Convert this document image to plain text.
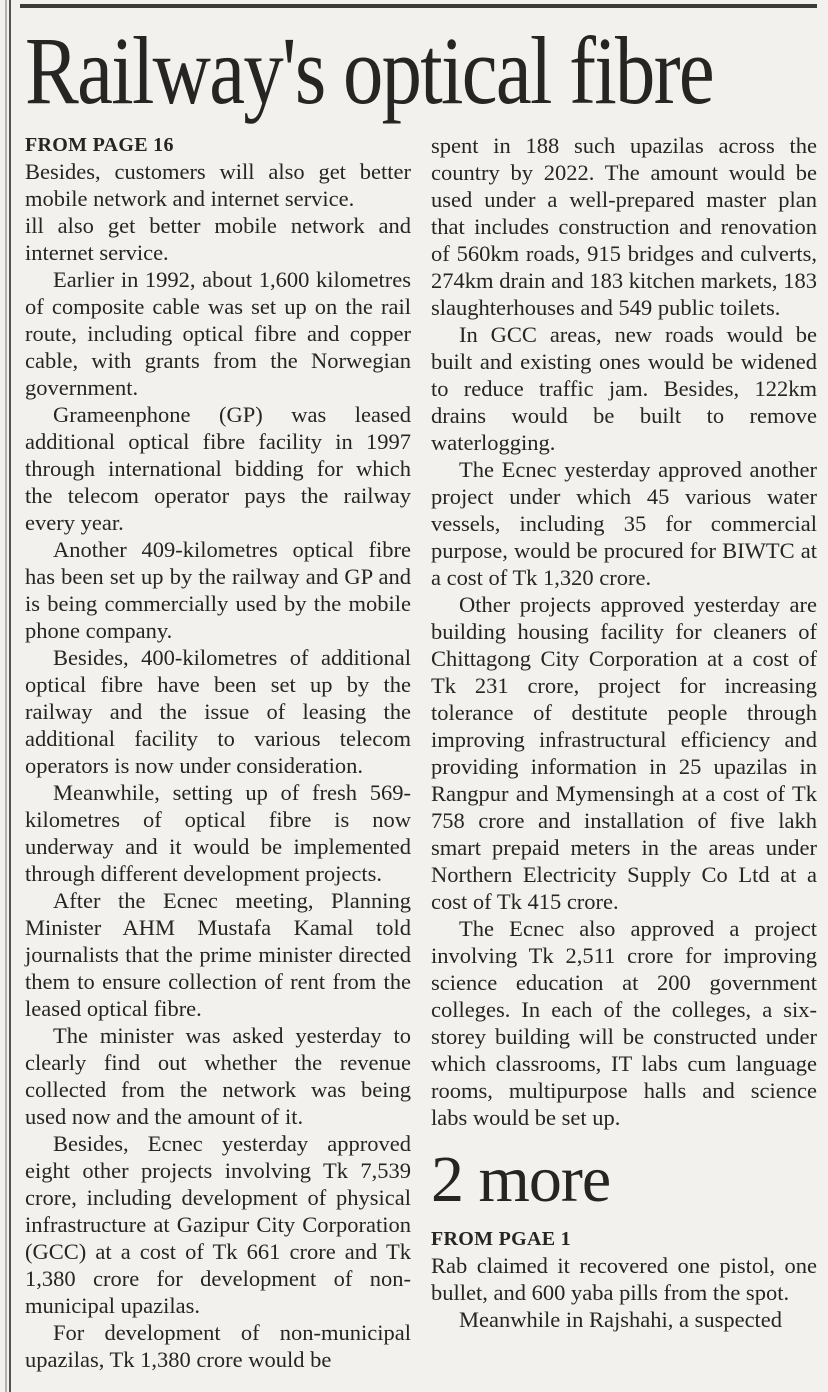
Railway's optical fibre
FROM PAGE 16

Besides, customers will also get better mobile network and internet service.

ill also get better mobile network and internet service.

Earlier in 1992, about 1,600 kilometres of composite cable was set up on the rail route, including optical fibre and copper cable, with grants from the Norwegian government.

Grameenphone (GP) was leased additional optical fibre facility in 1997 through international bidding for which the telecom operator pays the railway every year.

Another 409-kilometres optical fibre has been set up by the railway and GP and is being commercially used by the mobile phone company.

Besides, 400-kilometres of additional optical fibre have been set up by the railway and the issue of leasing the additional facility to various telecom operators is now under consideration.

Meanwhile, setting up of fresh 569-kilometres of optical fibre is now underway and it would be implemented through different development projects.

After the Ecnec meeting, Planning Minister AHM Mustafa Kamal told journalists that the prime minister directed them to ensure collection of rent from the leased optical fibre.

The minister was asked yesterday to clearly find out whether the revenue collected from the network was being used now and the amount of it.

Besides, Ecnec yesterday approved eight other projects involving Tk 7,539 crore, including development of physical infrastructure at Gazipur City Corporation (GCC) at a cost of Tk 661 crore and Tk 1,380 crore for development of non-municipal upazilas.

For development of non-municipal upazilas, Tk 1,380 crore would be

spent in 188 such upazilas across the country by 2022. The amount would be used under a well-prepared master plan that includes construction and renovation of 560km roads, 915 bridges and culverts, 274km drain and 183 kitchen markets, 183 slaughterhouses and 549 public toilets.

In GCC areas, new roads would be built and existing ones would be widened to reduce traffic jam. Besides, 122km drains would be built to remove waterlogging.

The Ecnec yesterday approved another project under which 45 various water vessels, including 35 for commercial purpose, would be procured for BIWTC at a cost of Tk 1,320 crore.

Other projects approved yesterday are building housing facility for cleaners of Chittagong City Corporation at a cost of Tk 231 crore, project for increasing tolerance of destitute people through improving infrastructural efficiency and providing information in 25 upazilas in Rangpur and Mymensingh at a cost of Tk 758 crore and installation of five lakh smart prepaid meters in the areas under Northern Electricity Supply Co Ltd at a cost of Tk 415 crore.

The Ecnec also approved a project involving Tk 2,511 crore for improving science education at 200 government colleges. In each of the colleges, a six-storey building will be constructed under which classrooms, IT labs cum language rooms, multipurpose halls and science labs would be set up.

2 more
FROM PGAE 1

Rab claimed it recovered one pistol, one bullet, and 600 yaba pills from the spot.

Meanwhile in Rajshahi, a suspected
